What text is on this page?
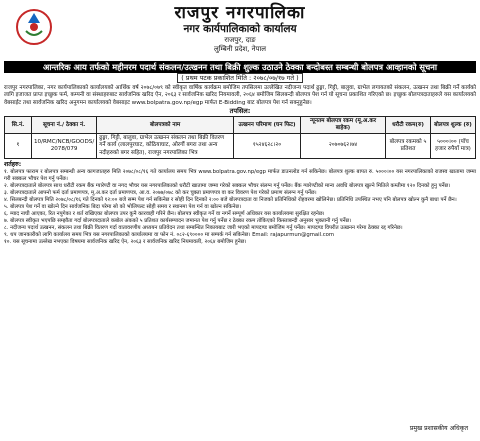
राजपुर नगरपालिका
नगर कार्यपालिकाको कार्यालय
राजपुर, दाङ
लुम्बिनी प्रदेश, नेपाल
आन्तरिक आय तर्फको महीनरम पदार्थ संकलन/उत्खनन तथा बिक्री शुल्क उठाउने ठेक्का बन्दोबस्त सम्बन्धी बोलपत्र आव्हानको सूचना
( प्रथम पटक प्रकाशित मिति : २०७८/०७/१७ गते )
राजपुर नगरपालिका, नगर कार्यपालिकाको कार्यालयको आर्थिक वर्ष २०७८/०७९ को स्वीकृत वार्षिक कार्यक्रम बमोजिम तपसिलमा उल्लेखित नदीजन्य पदार्थ ढुङ्गा, गिट्टी, बालुवा, ग्राभेल लगायतको संकलन, उत्खनन तथा बिक्री गर्ने कार्यको लागि इजाजत प्राप्त इच्छुक फर्म, कम्पनी वा संस्थाहरुबाट सार्वजनिक खरिद ऐन, २०६३ र सार्वजनिक खरिद नियमावली, २०६४ बमोजिम सिलबन्दी बोलपत्र पेश गर्न यो सूचना प्रकाशित गरिएको छ। इच्छुक बोलपत्रदाताहरुले यस कार्यालयको वेबसाईट तथा सार्वजनिक खरिद अनुगमन कार्यालयको वेबसाइट www.bolpatra.gov.np/egp मार्फत E-Bidding बाट बोलपत्र पेश गर्न सक्नुहुनेछ।
तपसिल:
सि.नं.	सूचना नं./ ठेक्का नं.	बोलपत्रको नाम	उत्खनन परिमाण (घन फिट)	न्यूनतम बोलपत्र रकम (मू.अ.कर बाहेक)	धरौटी रकम(रु)	बोलपत्र शुल्क (रु)
१	10/RMC/NCB/GOODS/ 2078/079	ढुङ्गा, गिट्टी, बालुवा, ग्राभेल उत्खनन संकलन तथा बिक्री वितरण गर्ने कार्य (लालपुरघाट, कोठियाघाट, ओरगौं बगरा तथा अन्य नदीहरुको बगर सहित), राजपुर नगरपालिका भित्र	१५२४६२८।२०	२०७०७६२।७४	बोलपत्र रकमको ५ प्रतिशत	५०००।०० (पाँच हजार रुपैयाँ मात्र)
शर्तहरु:

१. बोलपत्र फाराम र बोलपत्र सम्बन्धी अन्य कागजातहरु मिति २०७८/०८/१६ गते कार्यालय समय भित्र www.bolpatra.gov.np/egp मार्फत डाउनलोड गर्न सकिनेछ। बोलपत्र शुल्क बापत रु. ५०००।०० यस नगरपालिकाको राजस्व खातामा जम्मा गरी सक्कल भौचर पेश गर्नु पर्नेछ।

२. बोलपत्रदाताले बोलपत्र साथ धरौटी रकम बैंक ग्यारेण्टी वा नगद भौचर यस नगरपालिकाको धरौटी खातामा जम्मा गरेको सक्कल भौचर संलग्न गर्नु पर्नेछ। बैंक ग्यारेण्टीको मान्य अवधि बोलपत्र खुल्ने मितिले कम्तीमा १२० दिनको हुनु पर्नेछ।

३. बोलपत्रदाताले आफ्नो फर्म दर्ता प्रमाणपत्र, मू.अ.कर दर्ता प्रमाणपत्र, आ.व. २०७७/०७८ को कर चुक्ता प्रमाणपत्र वा कर विवरण पेश गरेको प्रमाण संलग्न गर्नु पर्नेछ।

४. सिलबन्दी बोलपत्र मिति २०७८/०८/१६ गते दिनको १२:०० बजे सम्म पेश गर्न सकिनेछ र सोही दिन दिनको २:०० बजे बोलपत्रदाता वा निजको प्रतिनिधिको रोहवरमा खोलिनेछ। प्रतिनिधि उपस्थित नभए पनि बोलपत्र खोल्न कुनै बाधा पर्ने छैन।

५. बोलपत्र पेश गर्ने वा खोल्ने दिन सार्वजनिक बिदा परेमा सो को भोलिपल्ट सोही समय र स्थानमा पेश गर्न वा खोल्न सकिनेछ।

६. म्याद नाघी आएका, रित नपुगेका र शर्त राखिएका बोलपत्र उपर कुनै कारवाही गरिने छैन। बोलपत्र स्वीकृत गर्ने वा नगर्ने सम्पूर्ण अधिकार यस कार्यालयमा सुरक्षित रहनेछ।

७. बोलपत्र स्वीकृत भएपछि सम्झौता गर्दा बोलपत्रदाताले कबोल अंकको ५ प्रतिशत कार्यसम्पादन जमानत पेश गर्नु पर्नेछ र ठेक्का रकम तोकिएको किस्ताबन्दी अनुसार भुक्तानी गर्नु पर्नेछ।

८. नदीजन्य पदार्थ उत्खनन, संकलन तथा बिक्री वितरण गर्दा वातावरणीय अध्ययन प्रतिवेदन तथा सम्बन्धित निकायबाट जारी भएको मापदण्ड बमोजिम गर्नु पर्नेछ। मापदण्ड विपरीत उत्खनन गरेमा ठेक्का रद्द गरिनेछ।

९. थप जानकारीको लागि कार्यालय समय भित्र यस नगरपालिकाको कार्यालयमा वा फोन नं. ०८२-६९०००० मा सम्पर्क गर्न सकिनेछ। Email: rajapurmun@gmail.com

१०. यस सूचनामा उल्लेख नभएका विषयमा सार्वजनिक खरिद ऐन, २०६३ र सार्वजनिक खरिद नियमावली, २०६४ बमोजिम हुनेछ।

प्रमुख प्रशासकीय अधिकृत
